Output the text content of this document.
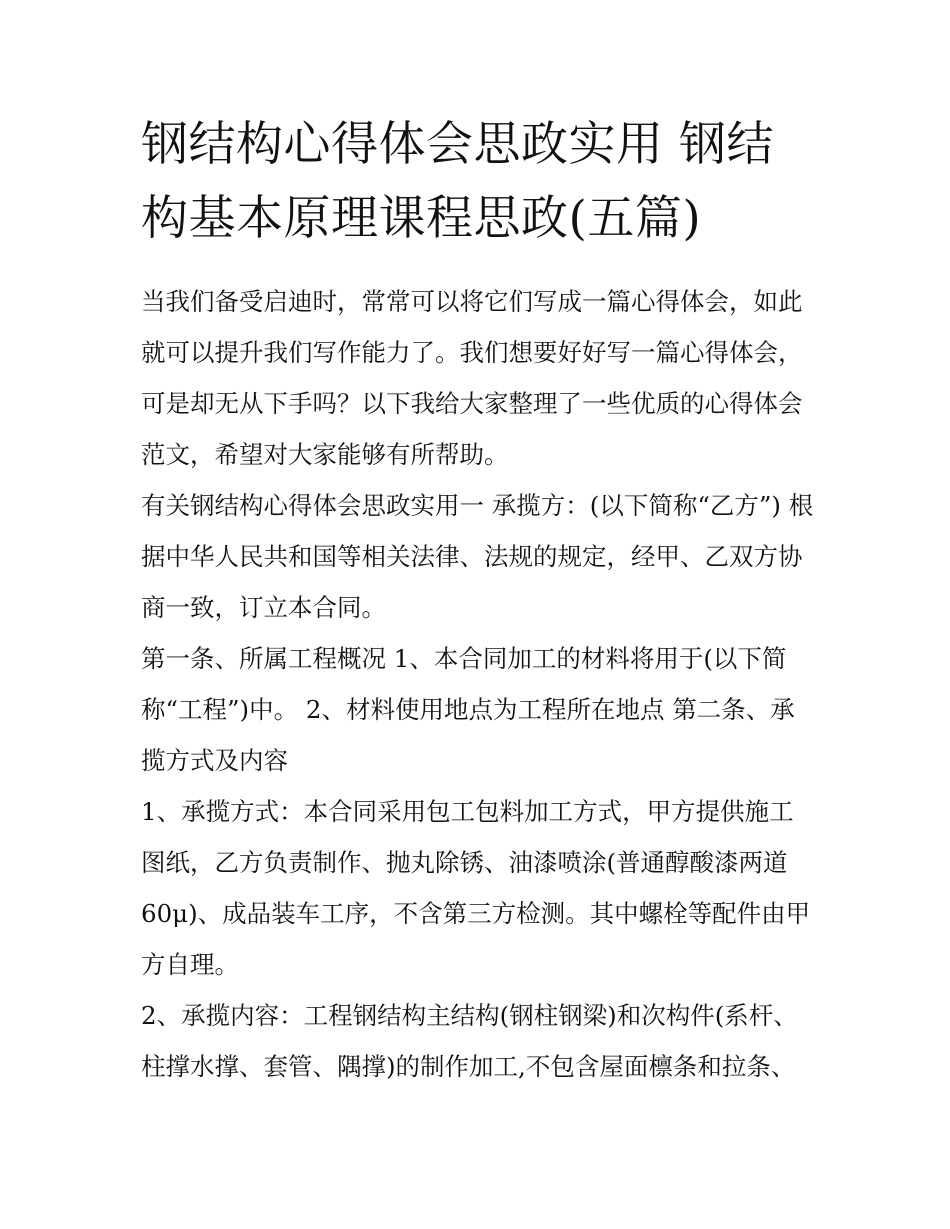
钢结构心得体会思政实用 钢结构基本原理课程思政(五篇)

当我们备受启迪时，常常可以将它们写成一篇心得体会，如此就可以提升我们写作能力了。我们想要好好写一篇心得体会，可是却无从下手吗？以下我给大家整理了一些优质的心得体会范文，希望对大家能够有所帮助。

有关钢结构心得体会思政实用一 承揽方：(以下简称“乙方”) 根据中华人民共和国等相关法律、法规的规定，经甲、乙双方协商一致，订立本合同。

第一条、所属工程概况 1、本合同加工的材料将用于(以下简称“工程”)中。 2、材料使用地点为工程所在地点 第二条、承揽方式及内容

1、承揽方式：本合同采用包工包料加工方式，甲方提供施工图纸，乙方负责制作、抛丸除锈、油漆喷涂(普通醇酸漆两道60μ)、成品装车工序，不含第三方检测。其中螺栓等配件由甲方自理。

2、承揽内容：工程钢结构主结构(钢柱钢梁)和次构件(系杆、柱撑水撑、套管、隅撑)的制作加工,不包含屋面檩条和拉条、
